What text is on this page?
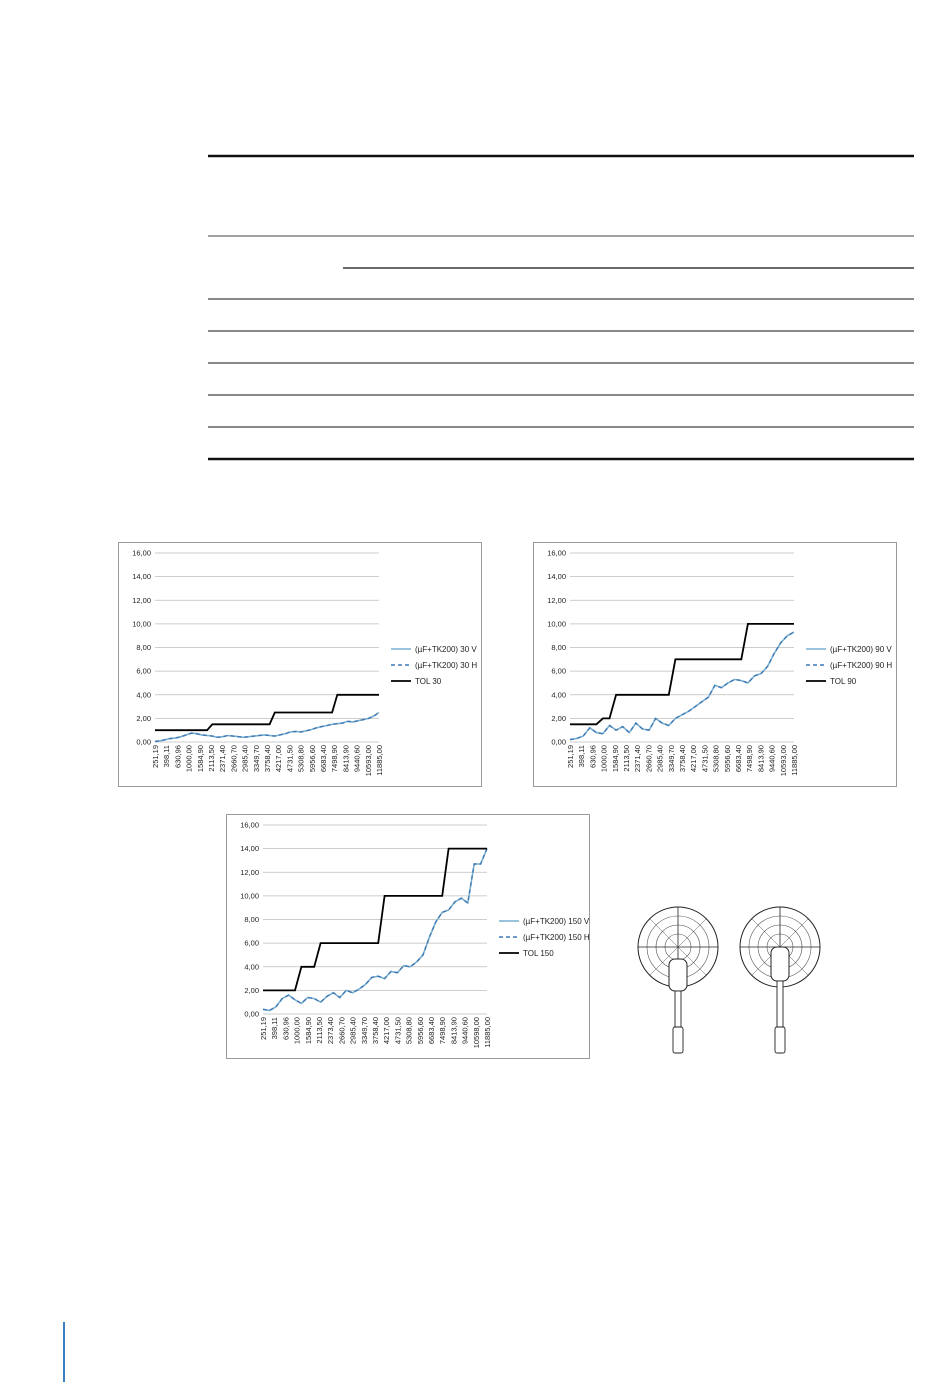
0,00
2,00
4,00
6,00
8,00
10,00
12,00
14,00
16,00
251,19 398,11 630,96 1000,00 1584,90 2113,50 2371,40 2660,70 2985,40 3349,70 3758,40 4217,00 4731,50 5308,80 5956,60 6683,40 7498,90 8413,90 9440,60 10593,00 11885,00
(µF+TK200) 30 V
(µF+TK200) 30 H
TOL 30
0,00
2,00
4,00
6,00
8,00
10,00
12,00
14,00
16,00
251,19 398,11 630,96 1000,00 1584,90 2113,50 2371,40 2660,70 2985,40 3349,70 3758,40 4217,00 4731,50 5308,80 5956,60 6683,40 7498,90 8413,90 9440,60 10593,00 11885,00
(µF+TK200) 90 V
(µF+TK200) 90 H
TOL 90
0,00
2,00
4,00
6,00
8,00
10,00
12,00
14,00
16,00
251,19 398,11 630,96 1000,00 1584,90 2113,50 2373,40 2660,70 2985,40 3349,70 3758,40 4217,00 4731,50 5308,80 5956,60 6683,40 7498,90 8413,90 9440,60 10598,00 11885,00
(µF+TK200) 150 V
(µF+TK200) 150 H
TOL 150
